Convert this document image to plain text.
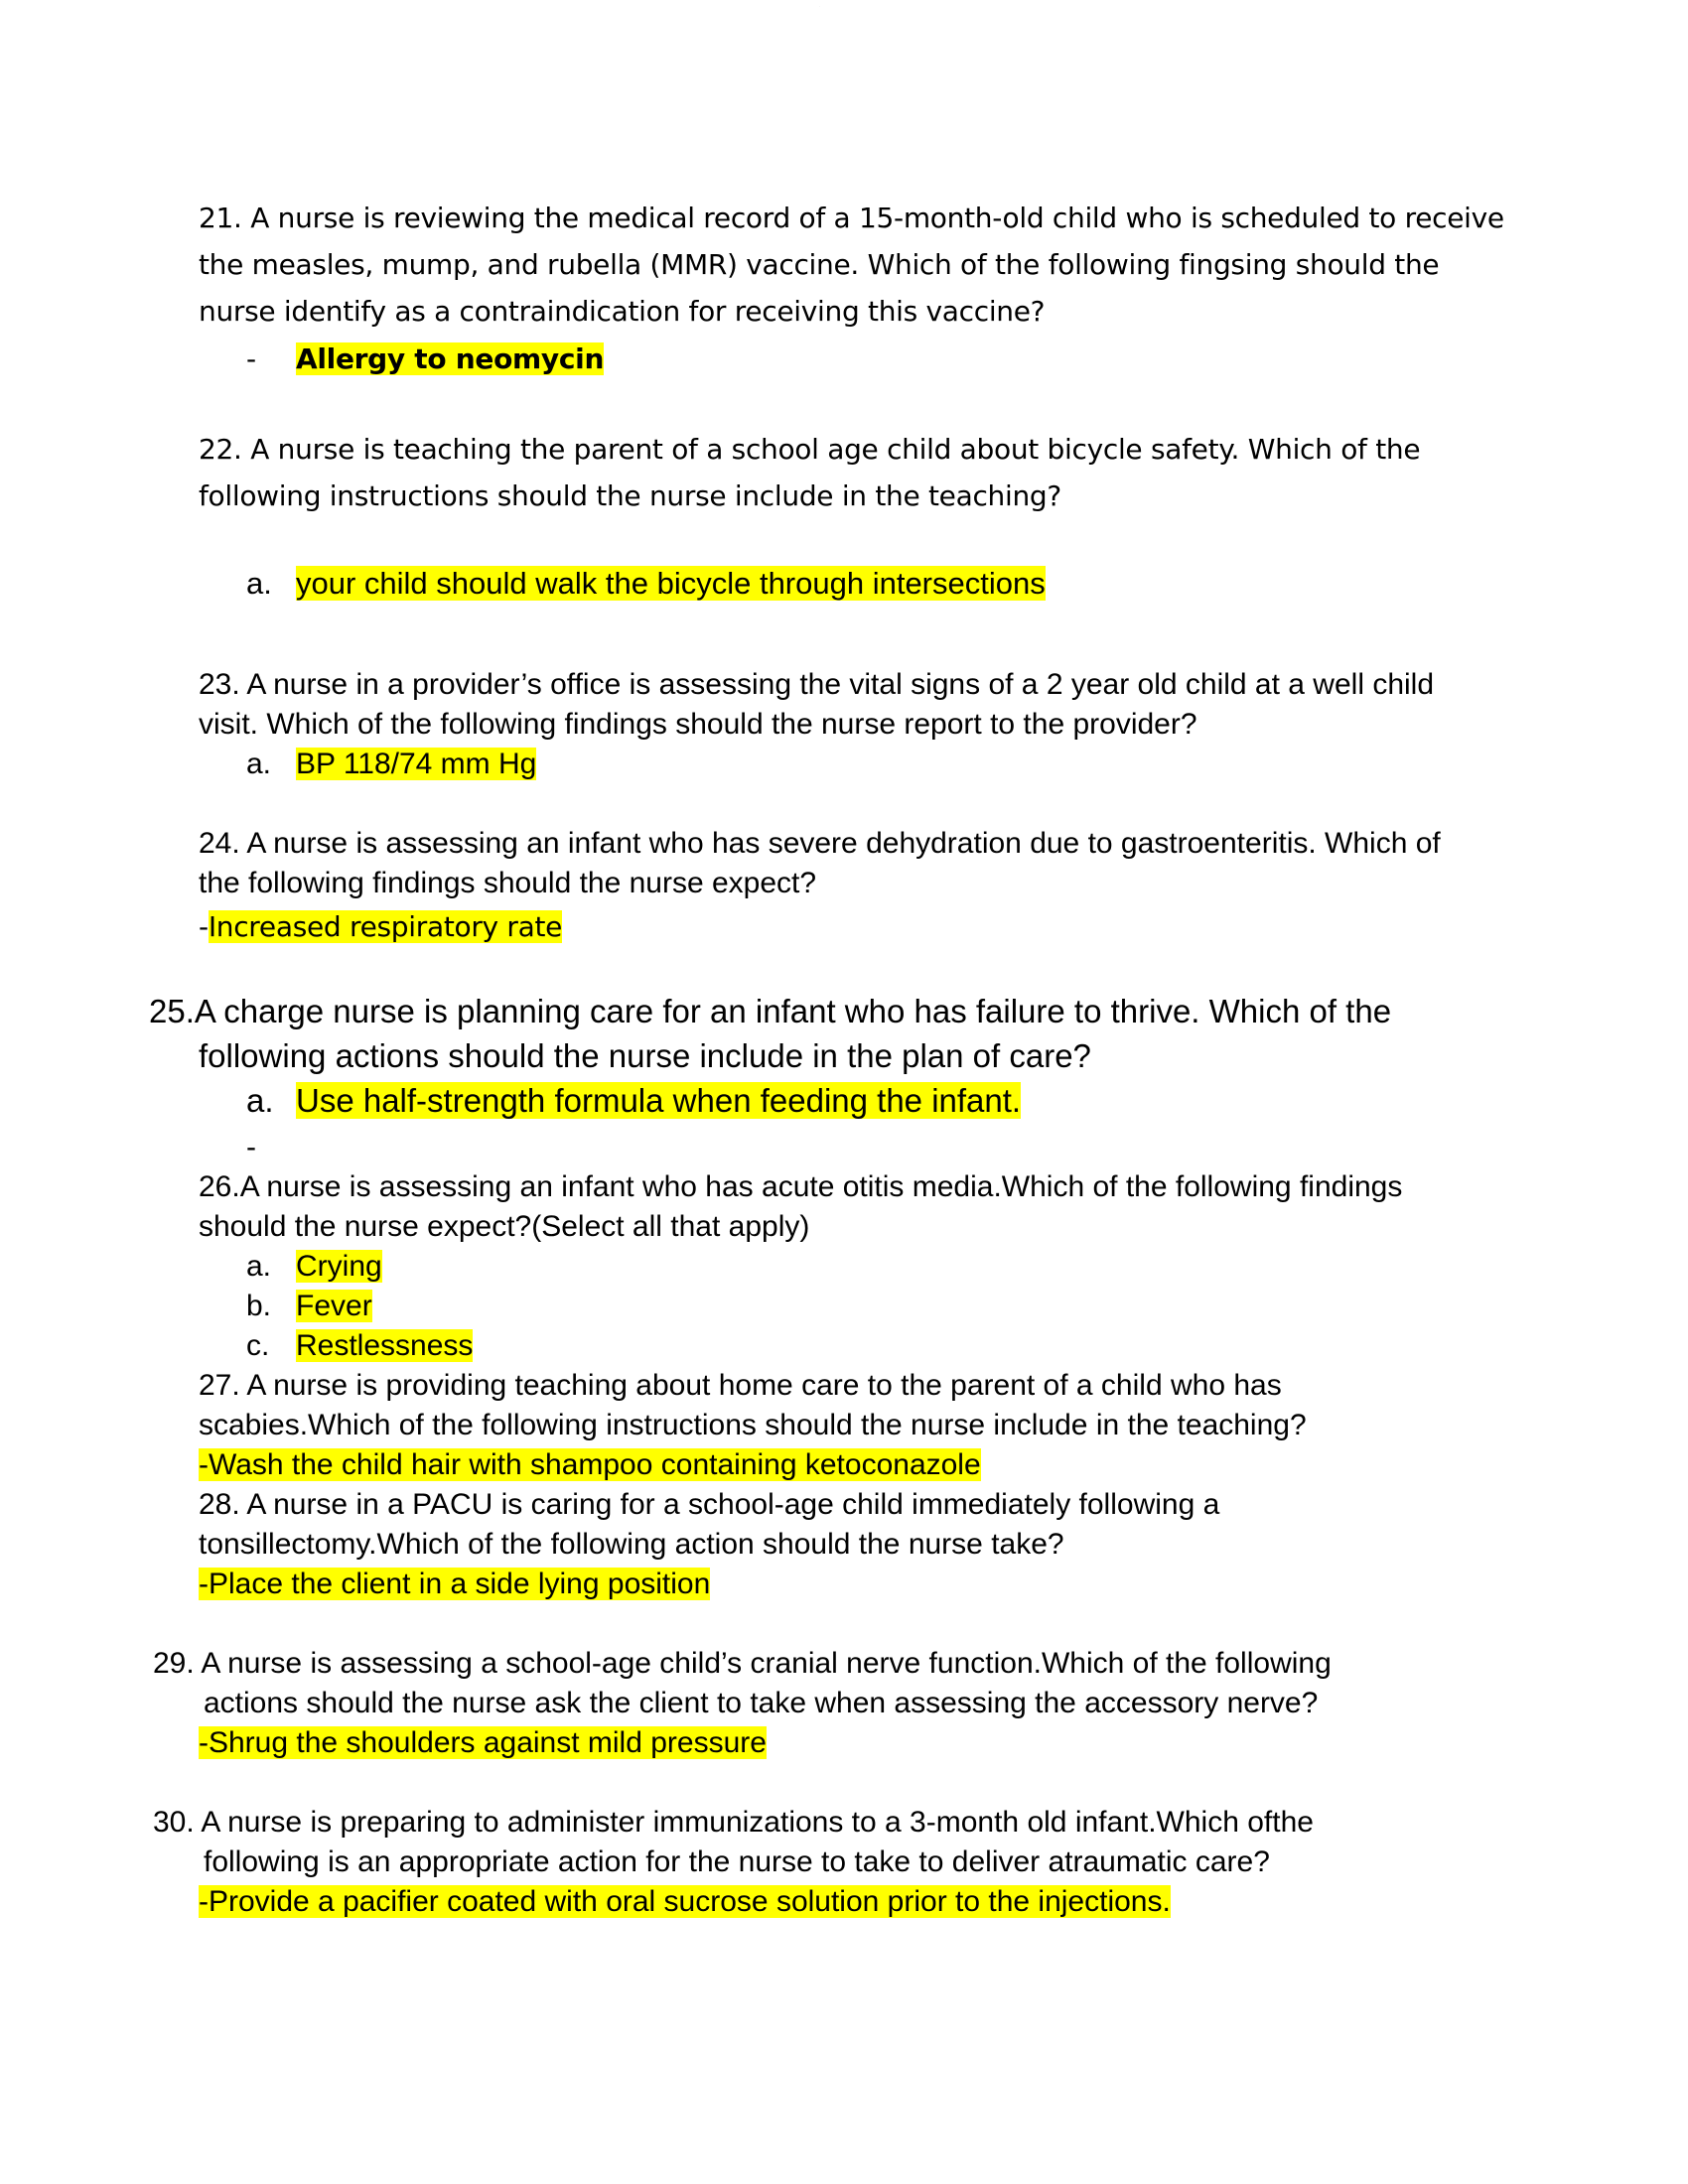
·
21. A nurse is reviewing the medical record of a 15-month-old child who is scheduled to receive
the measles, mump, and rubella (MMR) vaccine. Which of the following fingsing should the
nurse identify as a contraindication for receiving this vaccine?
- Allergy to neomycin
22. A nurse is teaching the parent of a school age child about bicycle safety. Which of the
following instructions should the nurse include in the teaching?
a. your child should walk the bicycle through intersections
23. A nurse in a provider’s office is assessing the vital signs of a 2 year old child at a well child
visit. Which of the following findings should the nurse report to the provider?
a. BP 118/74 mm Hg
24. A nurse is assessing an infant who has severe dehydration due to gastroenteritis. Which of
the following findings should the nurse expect?
-Increased respiratory rate
25.A charge nurse is planning care for an infant who has failure to thrive. Which of the
following actions should the nurse include in the plan of care?
a. Use half-strength formula when feeding the infant.
-
26.A nurse is assessing an infant who has acute otitis media.Which of the following findings
should the nurse expect?(Select all that apply)
a. Crying
b. Fever
c. Restlessness
27. A nurse is providing teaching about home care to the parent of a child who has
scabies.Which of the following instructions should the nurse include in the teaching?
-Wash the child hair with shampoo containing ketoconazole
28. A nurse in a PACU is caring for a school-age child immediately following a
tonsillectomy.Which of the following action should the nurse take?
-Place the client in a side lying position
29. A nurse is assessing a school-age child’s cranial nerve function.Which of the following
actions should the nurse ask the client to take when assessing the accessory nerve?
-Shrug the shoulders against mild pressure
30. A nurse is preparing to administer immunizations to a 3-month old infant.Which ofthe
following is an appropriate action for the nurse to take to deliver atraumatic care?
-Provide a pacifier coated with oral sucrose solution prior to the injections.
